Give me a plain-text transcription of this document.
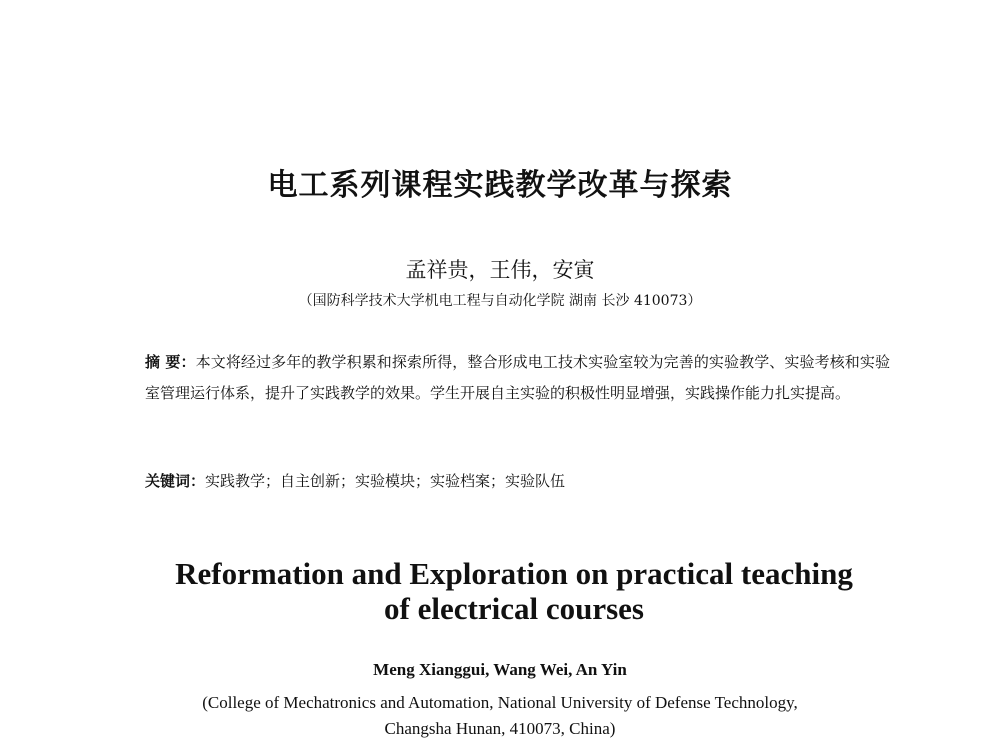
电工系列课程实践教学改革与探索
孟祥贵，王伟，安寅
（国防科学技术大学机电工程与自动化学院 湖南 长沙 410073）
摘 要：本文将经过多年的教学积累和探索所得，整合形成电工技术实验室较为完善的实验教学、实验考核和实验室管理运行体系，提升了实践教学的效果。学生开展自主实验的积极性明显增强，实践操作能力扎实提高。
关键词：实践教学；自主创新；实验模块；实验档案；实验队伍
Reformation and Exploration on practical teaching
of electrical courses
Meng Xianggui, Wang Wei, An Yin
(College of Mechatronics and Automation, National University of Defense Technology,
Changsha Hunan, 410073, China)
